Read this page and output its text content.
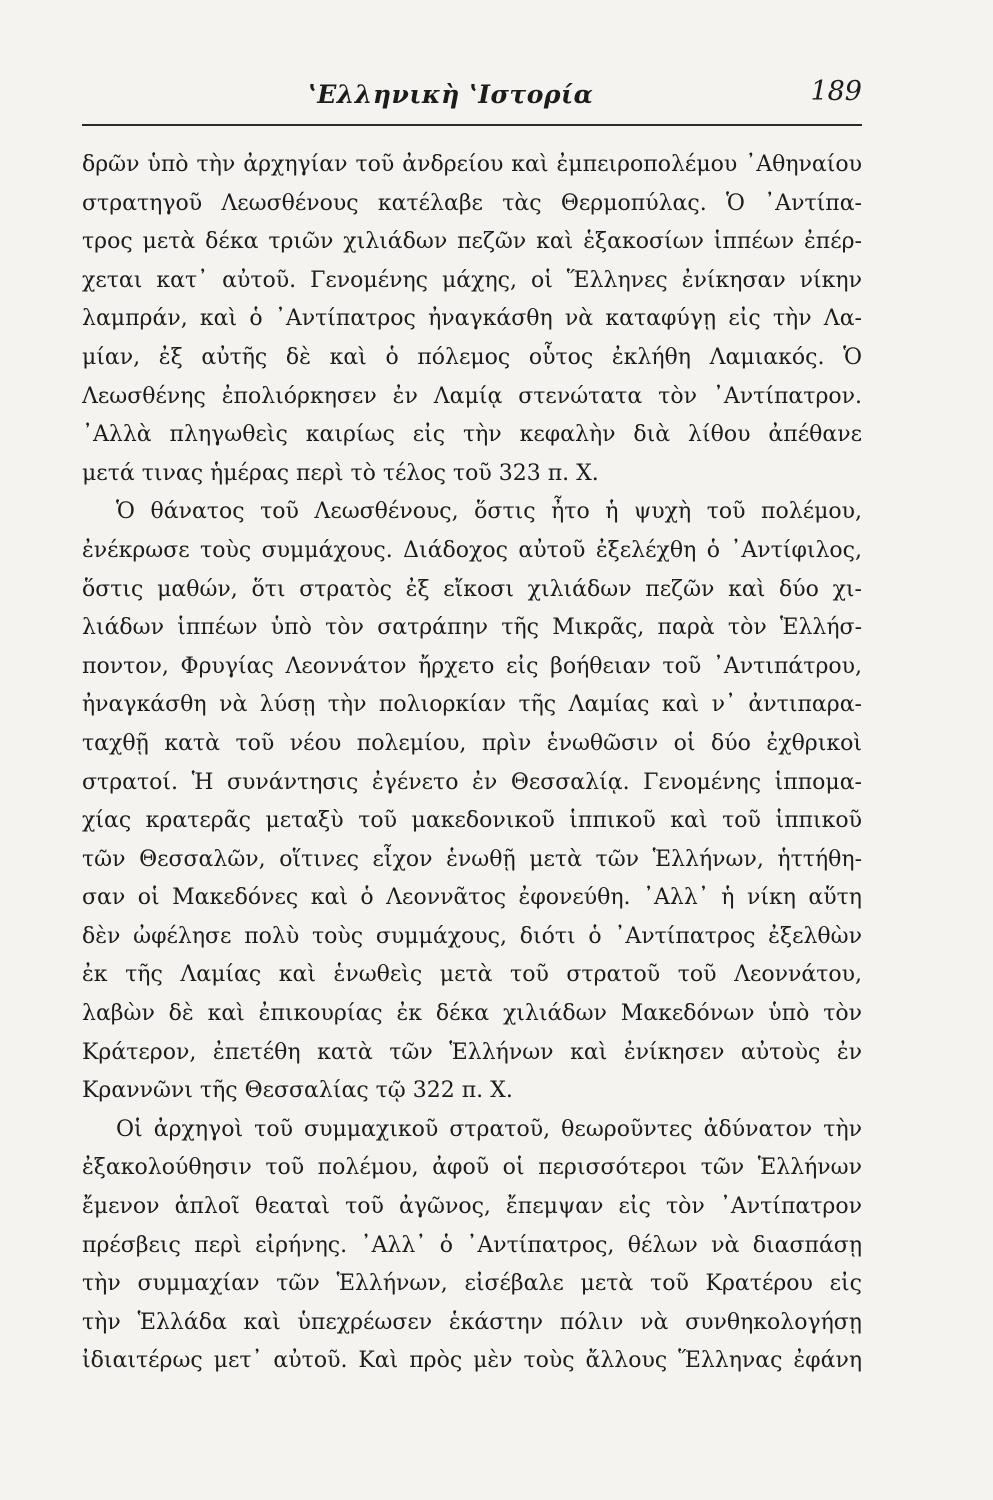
ʽΕλληνικὴ ʽΙστορία	189
δρῶν ὑπὸ τὴν ἀρχηγίαν τοῦ ἀνδρείου καὶ ἐμπειροπολέμου ᾿Αθηναίου
στρατηγοῦ Λεωσθένους κατέλαβε τὰς Θερμοπύλας. Ὁ ᾿Αντίπα-
τρος μετὰ δέκα τριῶν χιλιάδων πεζῶν καὶ ἑξακοσίων ἱππέων ἐπέρ-
χεται κατ᾿ αὐτοῦ. Γενομένης μάχης, οἱ Ἕλληνες ἐνίκησαν νίκην
λαμπράν, καὶ ὁ ᾿Αντίπατρος ἠναγκάσθη νὰ καταφύγῃ εἰς τὴν Λα-
μίαν, ἐξ αὐτῆς δὲ καὶ ὁ πόλεμος οὗτος ἐκλήθη Λαμιακός. Ὁ
Λεωσθένης ἐπολιόρκησεν ἐν Λαμίᾳ στενώτατα τὸν ᾿Αντίπατρον.
᾿Αλλὰ πληγωθεὶς καιρίως εἰς τὴν κεφαλὴν διὰ λίθου ἀπέθανε
μετά τινας ἡμέρας περὶ τὸ τέλος τοῦ 323 π. Χ.
Ὁ θάνατος τοῦ Λεωσθένους, ὅστις ἦτο ἡ ψυχὴ τοῦ πολέμου,
ἐνέκρωσε τοὺς συμμάχους. Διάδοχος αὐτοῦ ἐξελέχθη ὁ ᾿Αντίφιλος,
ὅστις μαθών, ὅτι στρατὸς ἐξ εἴκοσι χιλιάδων πεζῶν καὶ δύο χι-
λιάδων ἱππέων ὑπὸ τὸν σατράπην τῆς Μικρᾶς, παρὰ τὸν Ἑλλήσ-
ποντον, Φρυγίας Λεοννάτον ἤρχετο εἰς βοήθειαν τοῦ ᾿Αντιπάτρου,
ἠναγκάσθη νὰ λύσῃ τὴν πολιορκίαν τῆς Λαμίας καὶ ν᾿ ἀντιπαρα-
ταχθῇ κατὰ τοῦ νέου πολεμίου, πρὶν ἑνωθῶσιν οἱ δύο ἐχθρικοὶ
στρατοί. Ἡ συνάντησις ἐγένετο ἐν Θεσσαλίᾳ. Γενομένης ἱππομα-
χίας κρατερᾶς μεταξὺ τοῦ μακεδονικοῦ ἱππικοῦ καὶ τοῦ ἱππικοῦ
τῶν Θεσσαλῶν, οἵτινες εἶχον ἑνωθῇ μετὰ τῶν Ἑλλήνων, ἡττήθη-
σαν οἱ Μακεδόνες καὶ ὁ Λεοννᾶτος ἐφονεύθη. ᾿Αλλ᾿ ἡ νίκη αὕτη
δὲν ὠφέλησε πολὺ τοὺς συμμάχους, διότι ὁ ᾿Αντίπατρος ἐξελθὼν
ἐκ τῆς Λαμίας καὶ ἑνωθεὶς μετὰ τοῦ στρατοῦ τοῦ Λεοννάτου,
λαβὼν δὲ καὶ ἐπικουρίας ἐκ δέκα χιλιάδων Μακεδόνων ὑπὸ τὸν
Κράτερον, ἐπετέθη κατὰ τῶν Ἑλλήνων καὶ ἐνίκησεν αὐτοὺς ἐν
Κραννῶνι τῆς Θεσσαλίας τῷ 322 π. Χ.
Οἱ ἀρχηγοὶ τοῦ συμμαχικοῦ στρατοῦ, θεωροῦντες ἀδύνατον τὴν
ἐξακολούθησιν τοῦ πολέμου, ἀφοῦ οἱ περισσότεροι τῶν Ἑλλήνων
ἔμενον ἁπλοῖ θεαταὶ τοῦ ἀγῶνος, ἔπεμψαν εἰς τὸν ᾿Αντίπατρον
πρέσβεις περὶ εἰρήνης. ᾿Αλλ᾿ ὁ ᾿Αντίπατρος, θέλων νὰ διασπάσῃ
τὴν συμμαχίαν τῶν Ἑλλήνων, εἰσέβαλε μετὰ τοῦ Κρατέρου εἰς
τὴν Ἑλλάδα καὶ ὑπεχρέωσεν ἑκάστην πόλιν νὰ συνθηκολογήσῃ
ἰδιαιτέρως μετ᾿ αὐτοῦ. Καὶ πρὸς μὲν τοὺς ἄλλους Ἕλληνας ἐφάνη
